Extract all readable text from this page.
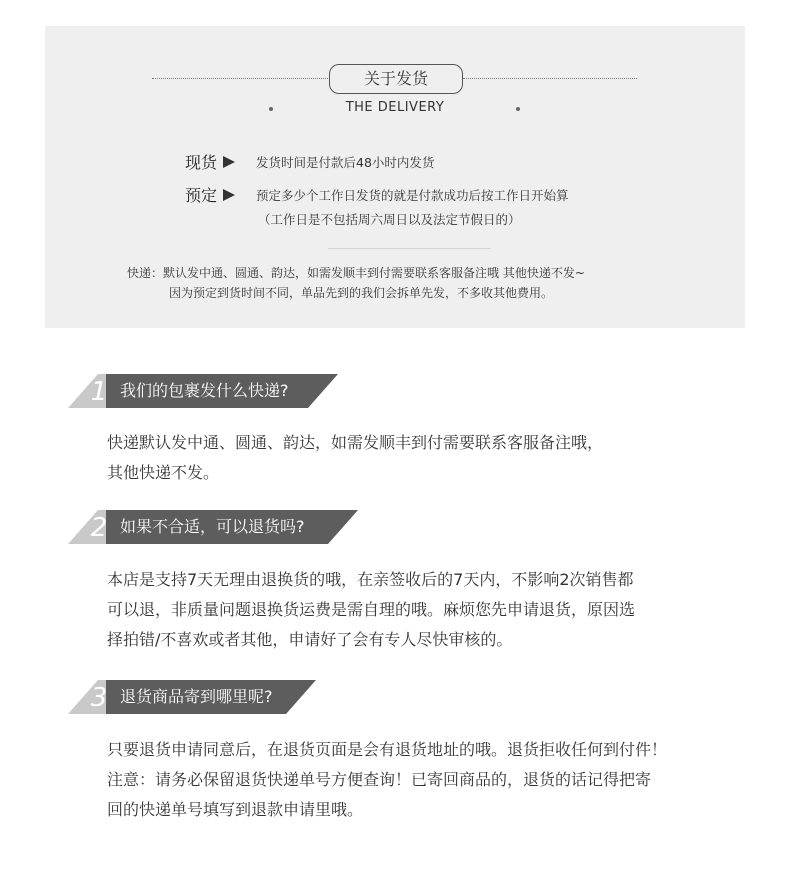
关于发货
THE DELIVERY
现货	发货时间是付款后48小时内发货
预定	预定多少个工作日发货的就是付款成功后按工作日开始算
（工作日是不包括周六周日以及法定节假日的）
快递：默认发中通、圆通、韵达，如需发顺丰到付需要联系客服备注哦 其他快递不发~
因为预定到货时间不同，单品先到的我们会拆单先发，不多收其他费用。
1 我们的包裹发什么快递?

快递默认发中通、圆通、韵达，如需发顺丰到付需要联系客服备注哦，

其他快递不发。

2 如果不合适，可以退货吗?

本店是支持7天无理由退换货的哦，在亲签收后的7天内，不影响2次销售都

可以退，非质量问题退换货运费是需自理的哦。麻烦您先申请退货，原因选

择拍错/不喜欢或者其他，申请好了会有专人尽快审核的。

3 退货商品寄到哪里呢?

只要退货申请同意后，在退货页面是会有退货地址的哦。退货拒收任何到付件！

注意：请务必保留退货快递单号方便查询！已寄回商品的，退货的话记得把寄

回的快递单号填写到退款申请里哦。
